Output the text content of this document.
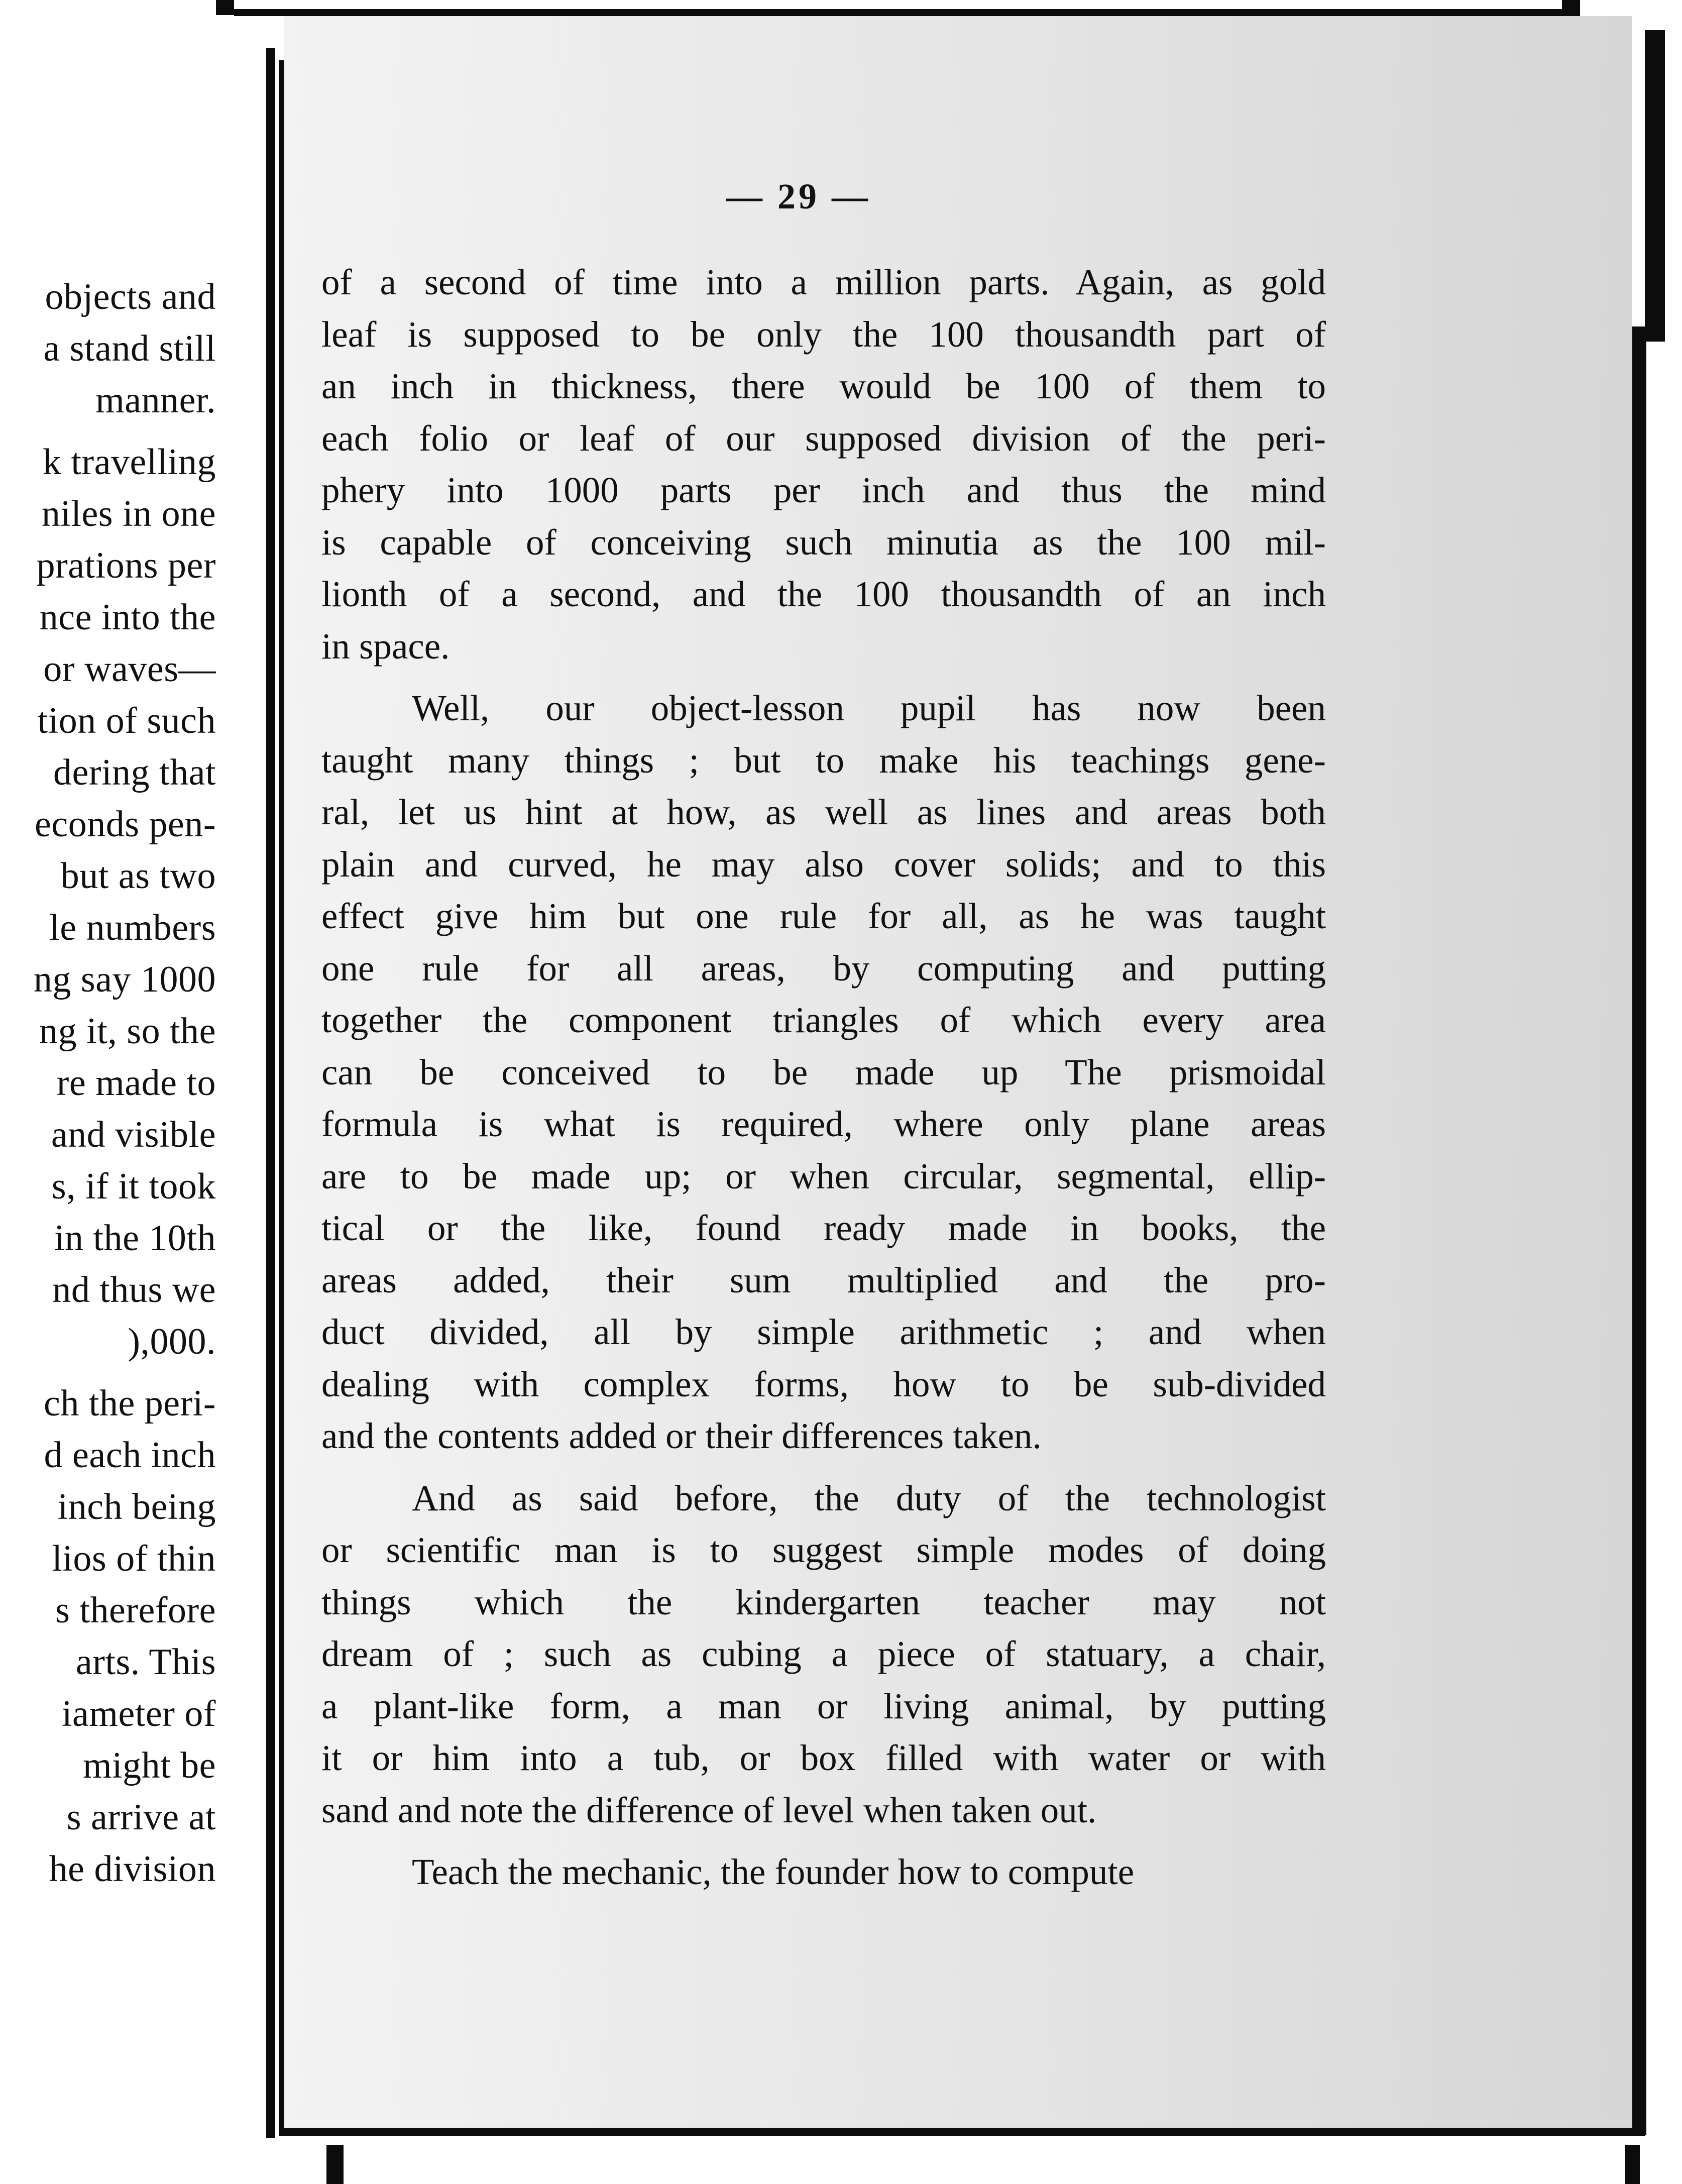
objects and
a stand still
manner.
k travelling
niles in one
prations per
nce into the
or waves—
tion of such
dering that
econds pen-
but as two
le numbers
ng say 1000
ng it, so the
re made to
and visible
s, if it took
in the 10th
nd thus we
),000.
ch the peri-
d each inch
inch being
lios of thin
s therefore
arts. This
iameter of
might be
s arrive at
he division
— 29 —
of a second of time into a million parts. Again, as gold
leaf is supposed to be only the 100 thousandth part of
an inch in thickness, there would be 100 of them to
each folio or leaf of our supposed division of the peri-
phery into 1000 parts per inch and thus the mind
is capable of conceiving such minutia as the 100 mil-
lionth of a second, and the 100 thousandth of an inch
in space.
Well, our object-lesson pupil has now been
taught many things ; but to make his teachings gene-
ral, let us hint at how, as well as lines and areas both
plain and curved, he may also cover solids; and to this
effect give him but one rule for all, as he was taught
one rule for all areas, by computing and putting
together the component triangles of which every area
can be conceived to be made up The prismoidal
formula is what is required, where only plane areas
are to be made up; or when circular, segmental, ellip-
tical or the like, found ready made in books, the
areas added, their sum multiplied and the pro-
duct divided, all by simple arithmetic ; and when
dealing with complex forms, how to be sub-divided
and the contents added or their differences taken.
And as said before, the duty of the technologist
or scientific man is to suggest simple modes of doing
things which the kindergarten teacher may not
dream of ; such as cubing a piece of statuary, a chair,
a plant-like form, a man or living animal, by putting
it or him into a tub, or box filled with water or with
sand and note the difference of level when taken out.
Teach the mechanic, the founder how to compute
